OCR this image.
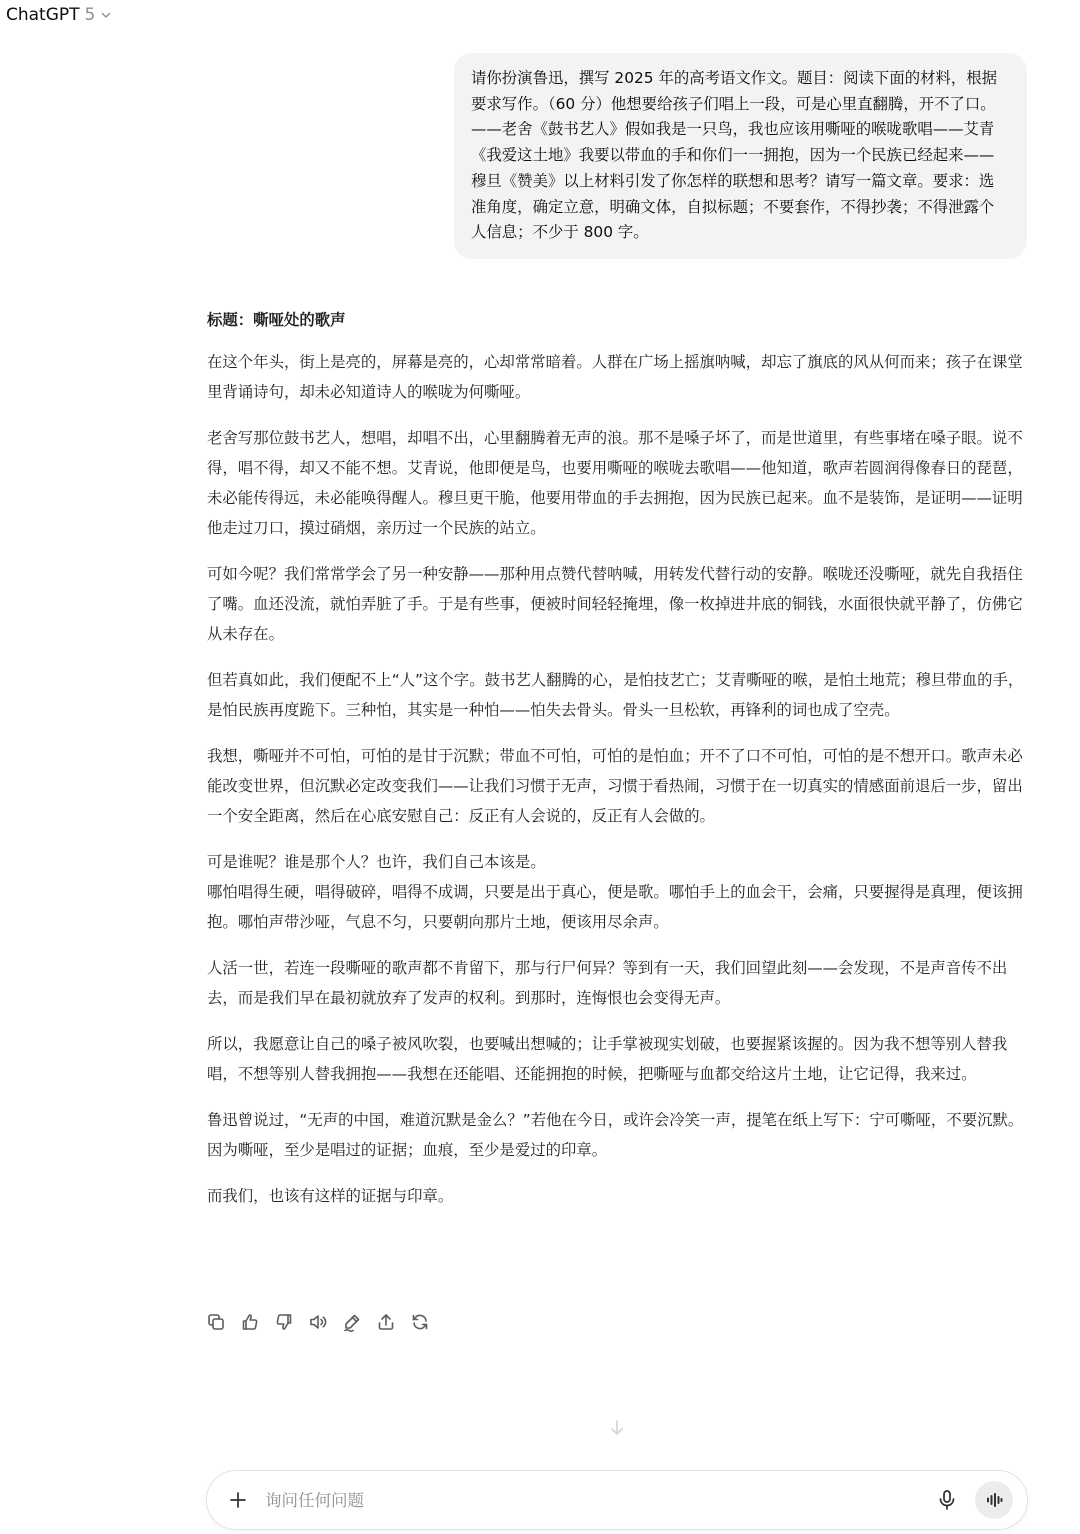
ChatGPT 5
请你扮演鲁迅，撰写 2025 年的高考语文作文。题目：阅读下面的材料，根据要求写作。（60 分）他想要给孩子们唱上一段，可是心里直翻腾，开不了口。——老舍《鼓书艺人》假如我是一只鸟，我也应该用嘶哑的喉咙歌唱——艾青《我爱这土地》我要以带血的手和你们一一拥抱，因为一个民族已经起来——穆旦《赞美》以上材料引发了你怎样的联想和思考？请写一篇文章。要求：选准角度，确定立意，明确文体，自拟标题；不要套作，不得抄袭；不得泄露个人信息；不少于 800 字。
标题：嘶哑处的歌声

在这个年头，街上是亮的，屏幕是亮的，心却常常暗着。人群在广场上摇旗呐喊，却忘了旗底的风从何而来；孩子在课堂里背诵诗句，却未必知道诗人的喉咙为何嘶哑。

老舍写那位鼓书艺人，想唱，却唱不出，心里翻腾着无声的浪。那不是嗓子坏了，而是世道里，有些事堵在嗓子眼。说不得，唱不得，却又不能不想。艾青说，他即便是鸟，也要用嘶哑的喉咙去歌唱——他知道，歌声若圆润得像春日的琵琶，未必能传得远，未必能唤得醒人。穆旦更干脆，他要用带血的手去拥抱，因为民族已起来。血不是装饰，是证明——证明他走过刀口，摸过硝烟，亲历过一个民族的站立。

可如今呢？我们常常学会了另一种安静——那种用点赞代替呐喊，用转发代替行动的安静。喉咙还没嘶哑，就先自我捂住了嘴。血还没流，就怕弄脏了手。于是有些事，便被时间轻轻掩埋，像一枚掉进井底的铜钱，水面很快就平静了，仿佛它从未存在。

但若真如此，我们便配不上“人”这个字。鼓书艺人翻腾的心，是怕技艺亡；艾青嘶哑的喉，是怕土地荒；穆旦带血的手，是怕民族再度跪下。三种怕，其实是一种怕——怕失去骨头。骨头一旦松软，再锋利的词也成了空壳。

我想，嘶哑并不可怕，可怕的是甘于沉默；带血不可怕，可怕的是怕血；开不了口不可怕，可怕的是不想开口。歌声未必能改变世界，但沉默必定改变我们——让我们习惯于无声，习惯于看热闹，习惯于在一切真实的情感面前退后一步，留出一个安全距离，然后在心底安慰自己：反正有人会说的，反正有人会做的。

可是谁呢？谁是那个人？也许，我们自己本该是。

哪怕唱得生硬，唱得破碎，唱得不成调，只要是出于真心，便是歌。哪怕手上的血会干，会痛，只要握得是真理，便该拥抱。哪怕声带沙哑，气息不匀，只要朝向那片土地，便该用尽余声。

人活一世，若连一段嘶哑的歌声都不肯留下，那与行尸何异？等到有一天，我们回望此刻——会发现，不是声音传不出去，而是我们早在最初就放弃了发声的权利。到那时，连悔恨也会变得无声。

所以，我愿意让自己的嗓子被风吹裂，也要喊出想喊的；让手掌被现实划破，也要握紧该握的。因为我不想等别人替我唱，不想等别人替我拥抱——我想在还能唱、还能拥抱的时候，把嘶哑与血都交给这片土地，让它记得，我来过。

鲁迅曾说过，“无声的中国，难道沉默是金么？”若他在今日，或许会冷笑一声，提笔在纸上写下：宁可嘶哑，不要沉默。因为嘶哑，至少是唱过的证据；血痕，至少是爱过的印章。

而我们，也该有这样的证据与印章。

询问任何问题
